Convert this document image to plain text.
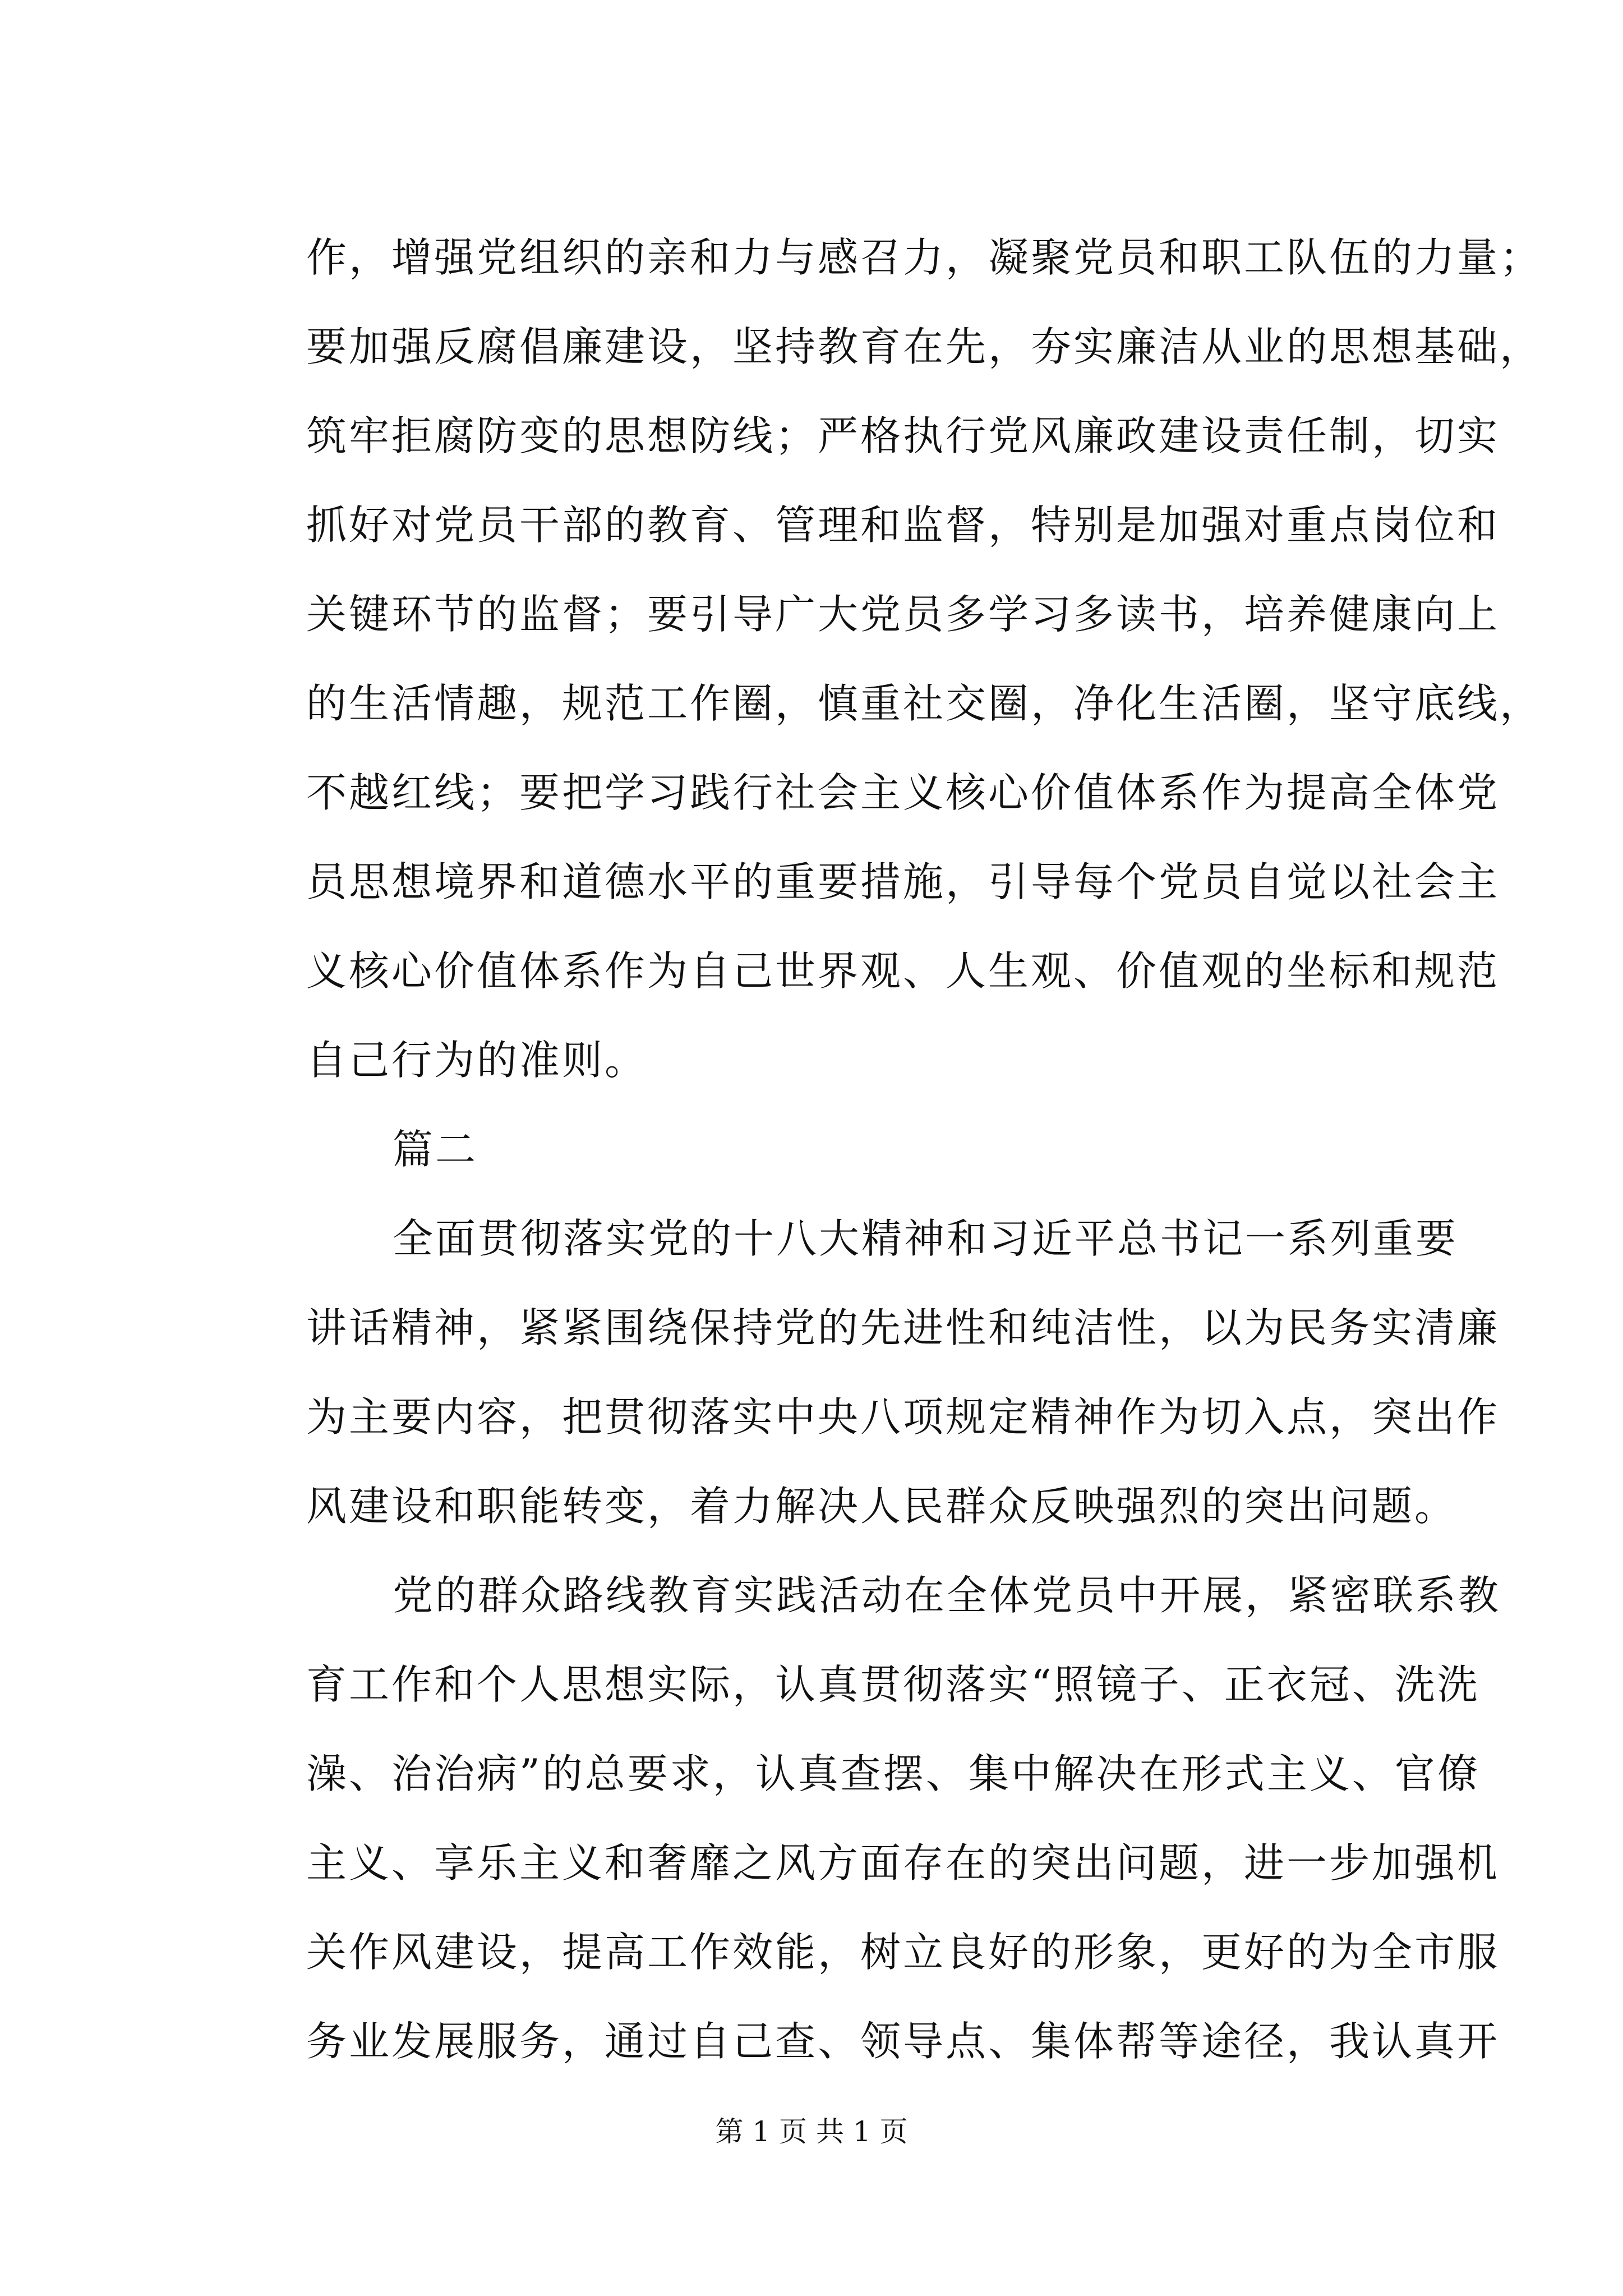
作，增强党组织的亲和力与感召力，凝聚党员和职工队伍的力量；
要加强反腐倡廉建设，坚持教育在先，夯实廉洁从业的思想基础，
筑牢拒腐防变的思想防线；严格执行党风廉政建设责任制，切实
抓好对党员干部的教育、管理和监督，特别是加强对重点岗位和
关键环节的监督；要引导广大党员多学习多读书，培养健康向上
的生活情趣，规范工作圈，慎重社交圈，净化生活圈，坚守底线，
不越红线；要把学习践行社会主义核心价值体系作为提高全体党
员思想境界和道德水平的重要措施，引导每个党员自觉以社会主
义核心价值体系作为自己世界观、人生观、价值观的坐标和规范
自己行为的准则。
篇二
全面贯彻落实党的十八大精神和习近平总书记一系列重要
讲话精神，紧紧围绕保持党的先进性和纯洁性，以为民务实清廉
为主要内容，把贯彻落实中央八项规定精神作为切入点，突出作
风建设和职能转变，着力解决人民群众反映强烈的突出问题。
党的群众路线教育实践活动在全体党员中开展，紧密联系教
育工作和个人思想实际，认真贯彻落实“照镜子、正衣冠、洗洗
澡、治治病”的总要求，认真查摆、集中解决在形式主义、官僚
主义、享乐主义和奢靡之风方面存在的突出问题，进一步加强机
关作风建设，提高工作效能，树立良好的形象，更好的为全市服
务业发展服务，通过自己查、领导点、集体帮等途径，我认真开
第 1 页 共 1 页
